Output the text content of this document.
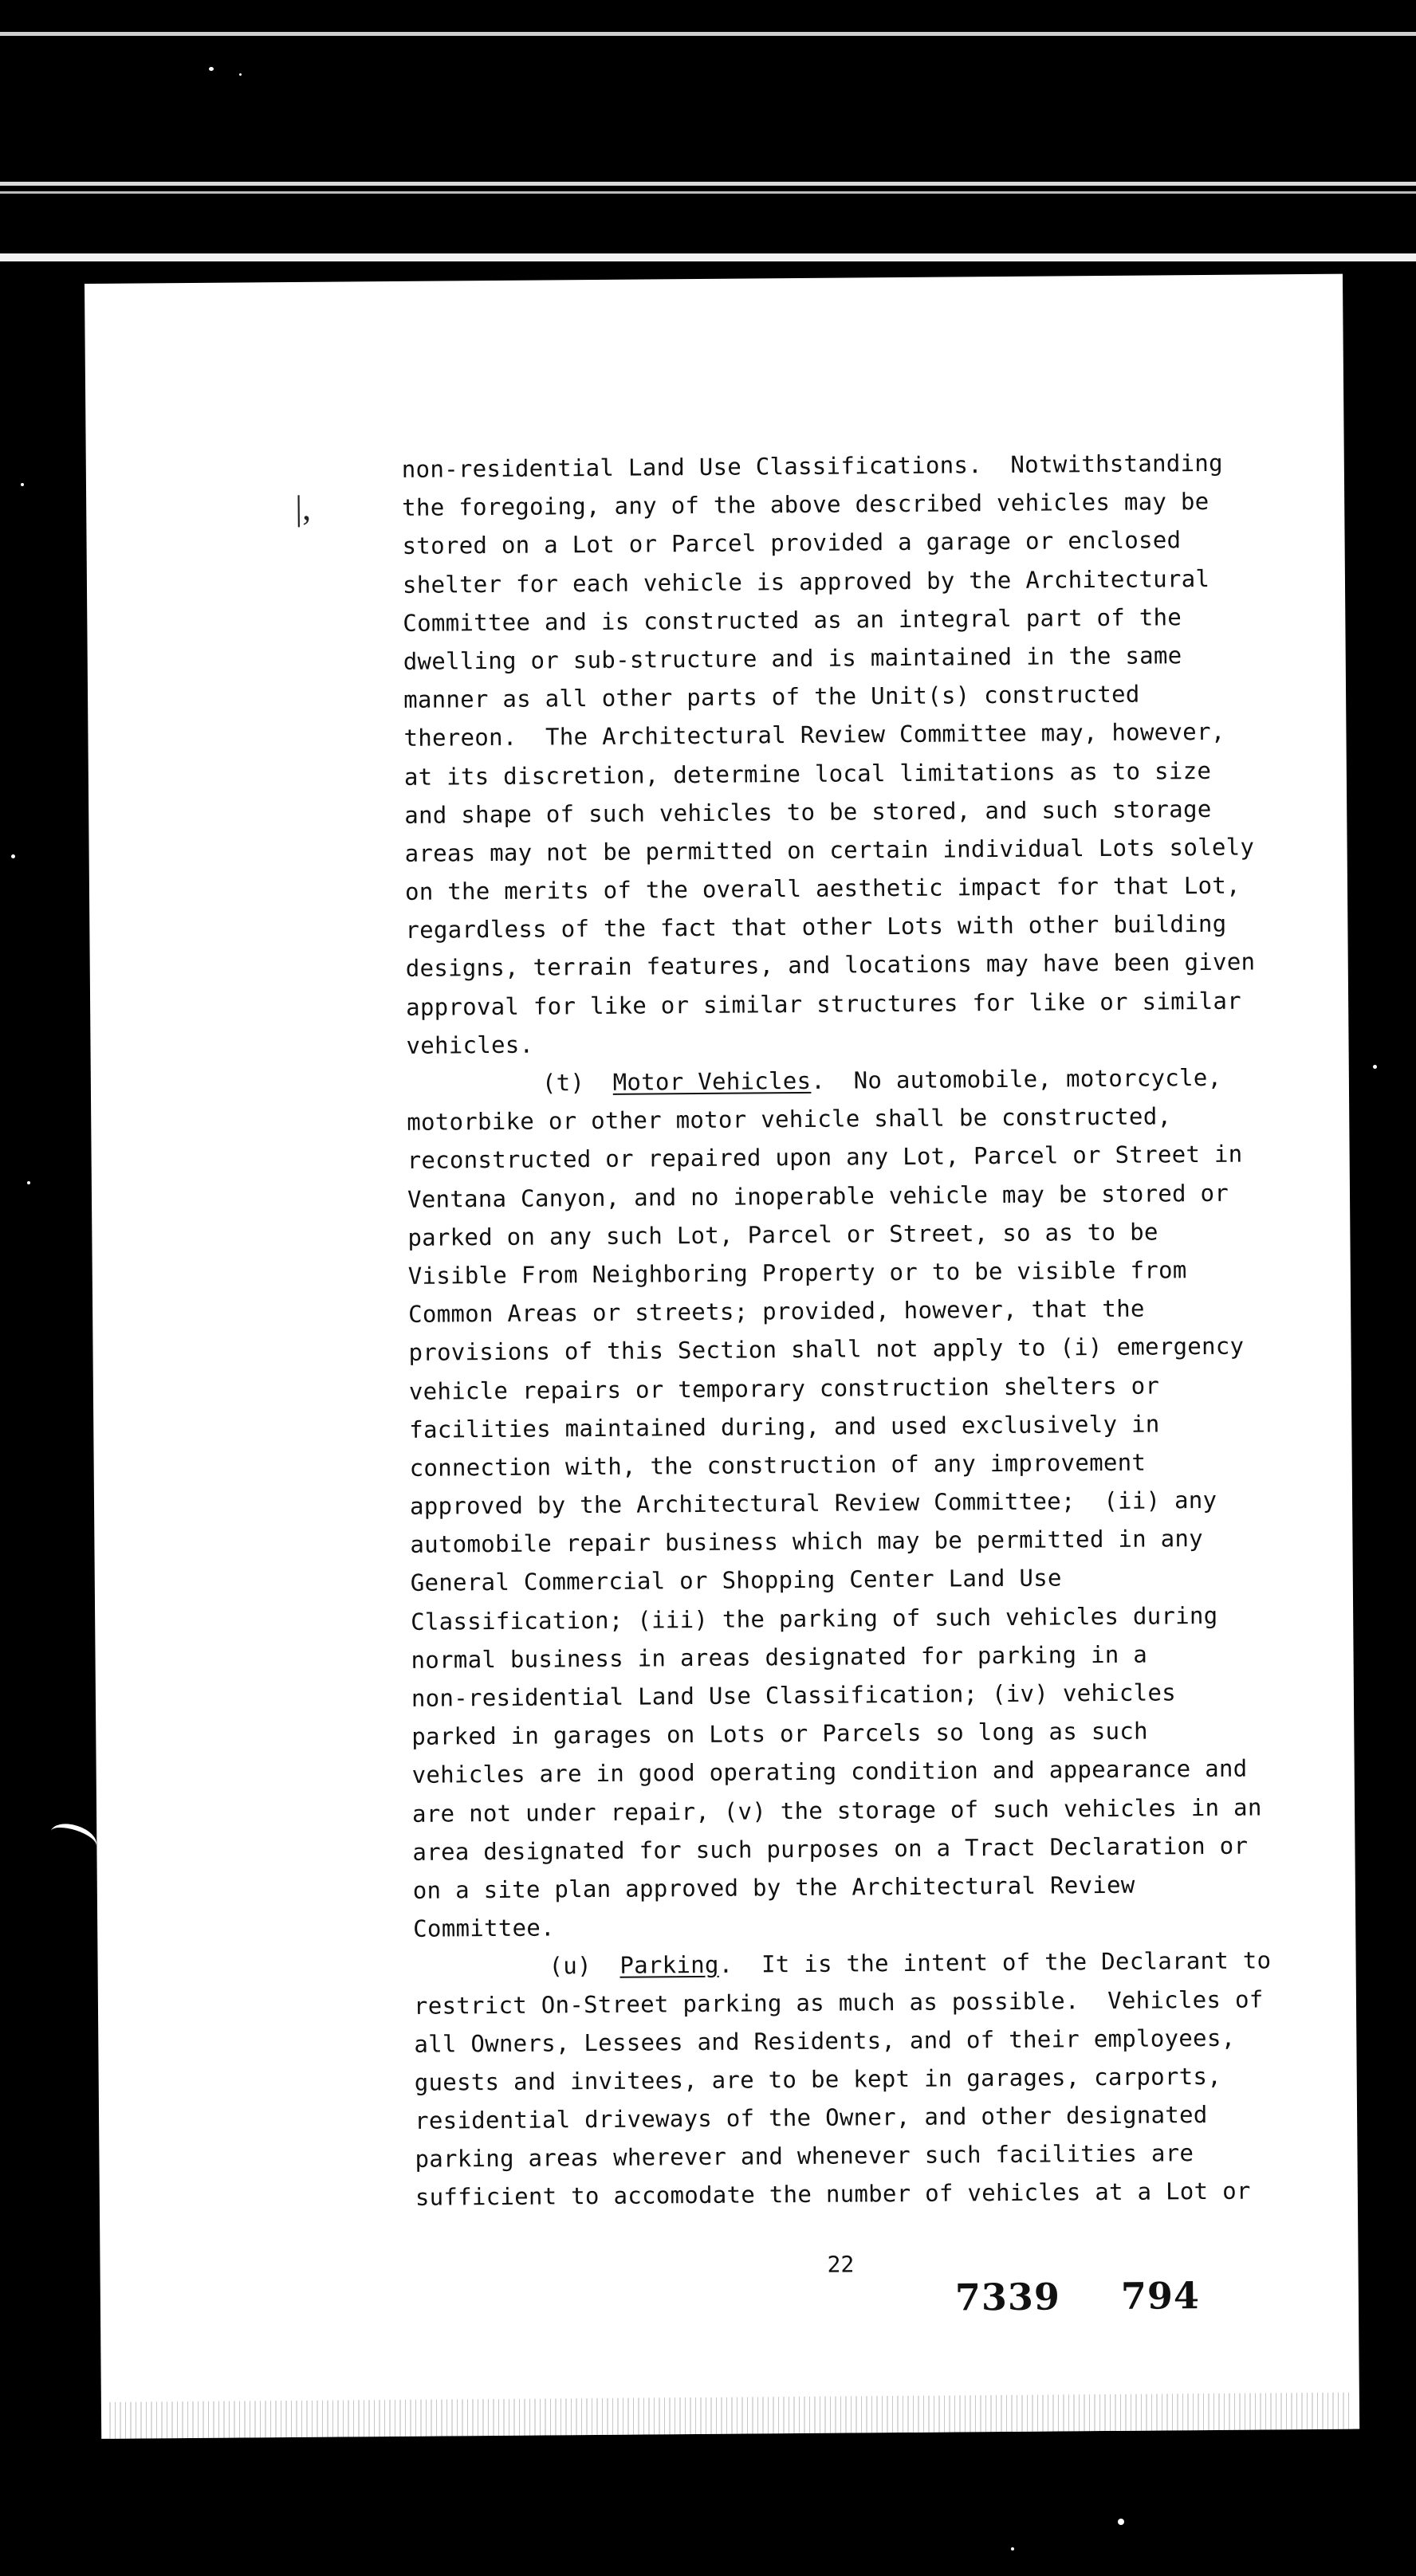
|,
non-residential Land Use Classifications.  Notwithstanding
the foregoing, any of the above described vehicles may be
stored on a Lot or Parcel provided a garage or enclosed
shelter for each vehicle is approved by the Architectural
Committee and is constructed as an integral part of the
dwelling or sub-structure and is maintained in the same
manner as all other parts of the Unit(s) constructed
thereon.  The Architectural Review Committee may, however,
at its discretion, determine local limitations as to size
and shape of such vehicles to be stored, and such storage
areas may not be permitted on certain individual Lots solely
on the merits of the overall aesthetic impact for that Lot,
regardless of the fact that other Lots with other building
designs, terrain features, and locations may have been given
approval for like or similar structures for like or similar
vehicles.
(t)  Motor Vehicles.  No automobile, motorcycle,
motorbike or other motor vehicle shall be constructed,
reconstructed or repaired upon any Lot, Parcel or Street in
Ventana Canyon, and no inoperable vehicle may be stored or
parked on any such Lot, Parcel or Street, so as to be
Visible From Neighboring Property or to be visible from
Common Areas or streets; provided, however, that the
provisions of this Section shall not apply to (i) emergency
vehicle repairs or temporary construction shelters or
facilities maintained during, and used exclusively in
connection with, the construction of any improvement
approved by the Architectural Review Committee;  (ii) any
automobile repair business which may be permitted in any
General Commercial or Shopping Center Land Use
Classification; (iii) the parking of such vehicles during
normal business in areas designated for parking in a
non-residential Land Use Classification; (iv) vehicles
parked in garages on Lots or Parcels so long as such
vehicles are in good operating condition and appearance and
are not under repair, (v) the storage of such vehicles in an
area designated for such purposes on a Tract Declaration or
on a site plan approved by the Architectural Review
Committee.
(u)  Parking.  It is the intent of the Declarant to
restrict On-Street parking as much as possible.  Vehicles of
all Owners, Lessees and Residents, and of their employees,
guests and invitees, are to be kept in garages, carports,
residential driveways of the Owner, and other designated
parking areas wherever and whenever such facilities are
sufficient to accomodate the number of vehicles at a Lot or
22
7339 794
